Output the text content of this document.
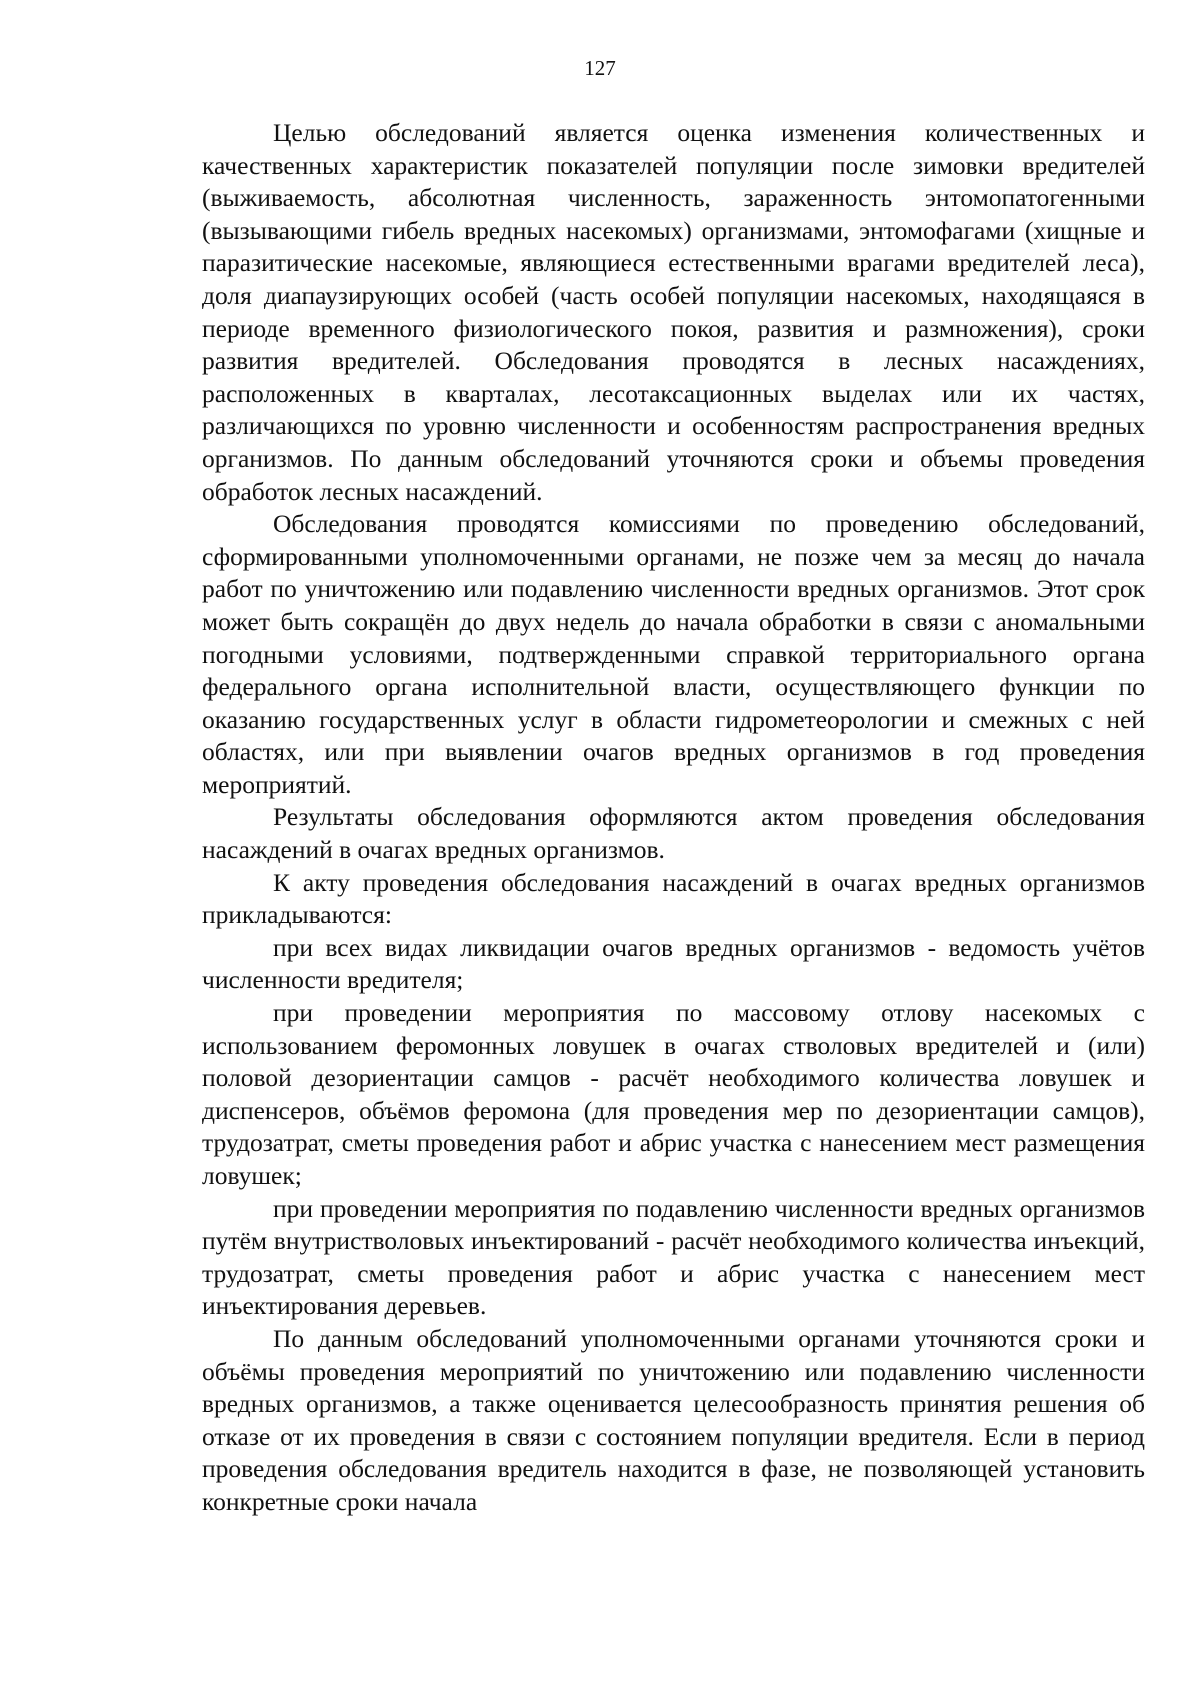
127

Целью обследований является оценка изменения количественных и качественных характеристик показателей популяции после зимовки вредителей (выживаемость, абсолютная численность, зараженность энтомопатогенными (вызывающими гибель вредных насекомых) организмами, энтомофагами (хищные и паразитические насекомые, являющиеся естественными врагами вредителей леса), доля диапаузирующих особей (часть особей популяции насекомых, находящаяся в периоде временного физиологического покоя, развития и размножения), сроки развития вредителей. Обследования проводятся в лесных насаждениях, расположенных в кварталах, лесотаксационных выделах или их частях, различающихся по уровню численности и особенностям распространения вредных организмов. По данным обследований уточняются сроки и объемы проведения обработок лесных насаждений.

Обследования проводятся комиссиями по проведению обследований, сформированными уполномоченными органами, не позже чем за месяц до начала работ по уничтожению или подавлению численности вредных организмов. Этот срок может быть сокращён до двух недель до начала обработки в связи с аномальными погодными условиями, подтвержденными справкой территориального органа федерального органа исполнительной власти, осуществляющего функции по оказанию государственных услуг в области гидрометеорологии и смежных с ней областях, или при выявлении очагов вредных организмов в год проведения мероприятий.

Результаты обследования оформляются актом проведения обследования насаждений в очагах вредных организмов.

К акту проведения обследования насаждений в очагах вредных организмов прикладываются:

при всех видах ликвидации очагов вредных организмов - ведомость учётов численности вредителя;

при проведении мероприятия по массовому отлову насекомых с использованием феромонных ловушек в очагах стволовых вредителей и (или) половой дезориентации самцов - расчёт необходимого количества ловушек и диспенсеров, объёмов феромона (для проведения мер по дезориентации самцов), трудозатрат, сметы проведения работ и абрис участка с нанесением мест размещения ловушек;

при проведении мероприятия по подавлению численности вредных организмов путём внутристволовых инъектирований - расчёт необходимого количества инъекций, трудозатрат, сметы проведения работ и абрис участка с нанесением мест инъектирования деревьев.

По данным обследований уполномоченными органами уточняются сроки и объёмы проведения мероприятий по уничтожению или подавлению численности вредных организмов, а также оценивается целесообразность принятия решения об отказе от их проведения в связи с состоянием популяции вредителя. Если в период проведения обследования вредитель находится в фазе, не позволяющей установить конкретные сроки начала
